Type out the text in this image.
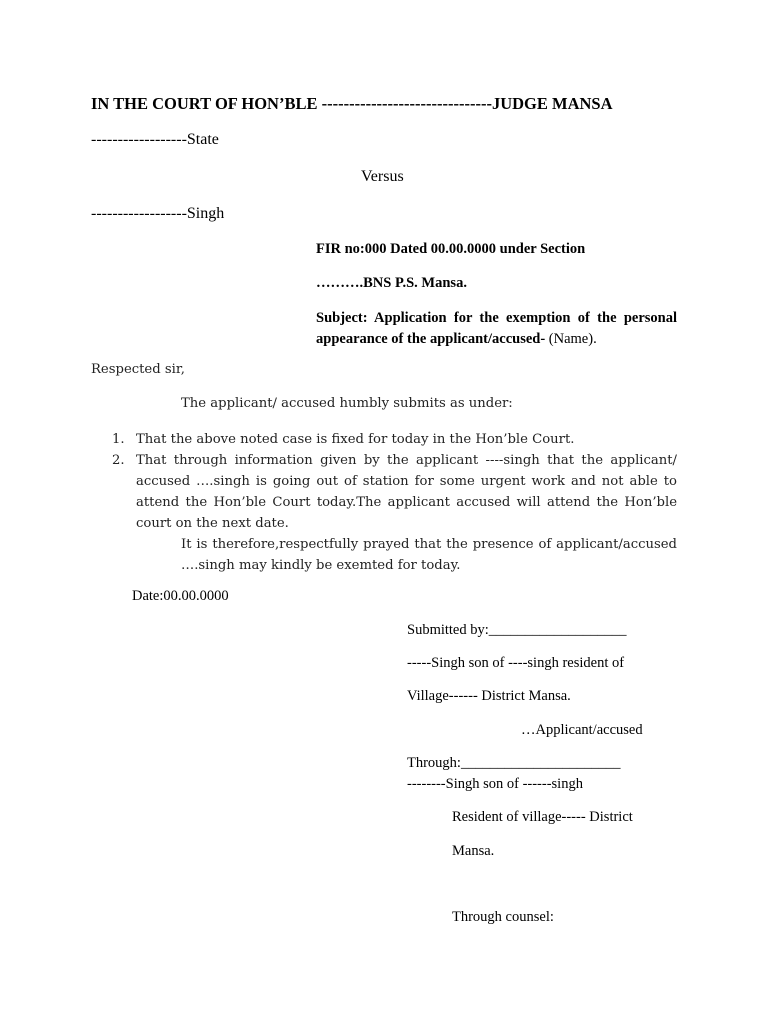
IN THE COURT OF HON’BLE -------------------------------JUDGE MANSA
------------------State
Versus
------------------Singh
FIR no:000 Dated 00.00.0000 under Section
……….BNS P.S. Mansa.
Subject: Application for the exemption of the personal appearance of the applicant/accused- (Name).
Respected sir,
The applicant/ accused humbly submits as under:
1. That the above noted case is fixed for today in the Hon’ble Court.
2. That through information given by the applicant ----singh that the applicant/ accused ….singh is going out of station for some urgent work and not able to attend the Hon’ble Court today.The applicant accused will attend the Hon’ble court on the next date.
It is therefore,respectfully prayed that the presence of applicant/accused ….singh may kindly be exemted for today.
Date:00.00.0000
Submitted by:___________________
-----Singh son of ----singh resident of
Village------ District Mansa.
…Applicant/accused
Through:______________________
--------Singh son of ------singh
Resident of village----- District
Mansa.
Through counsel:
